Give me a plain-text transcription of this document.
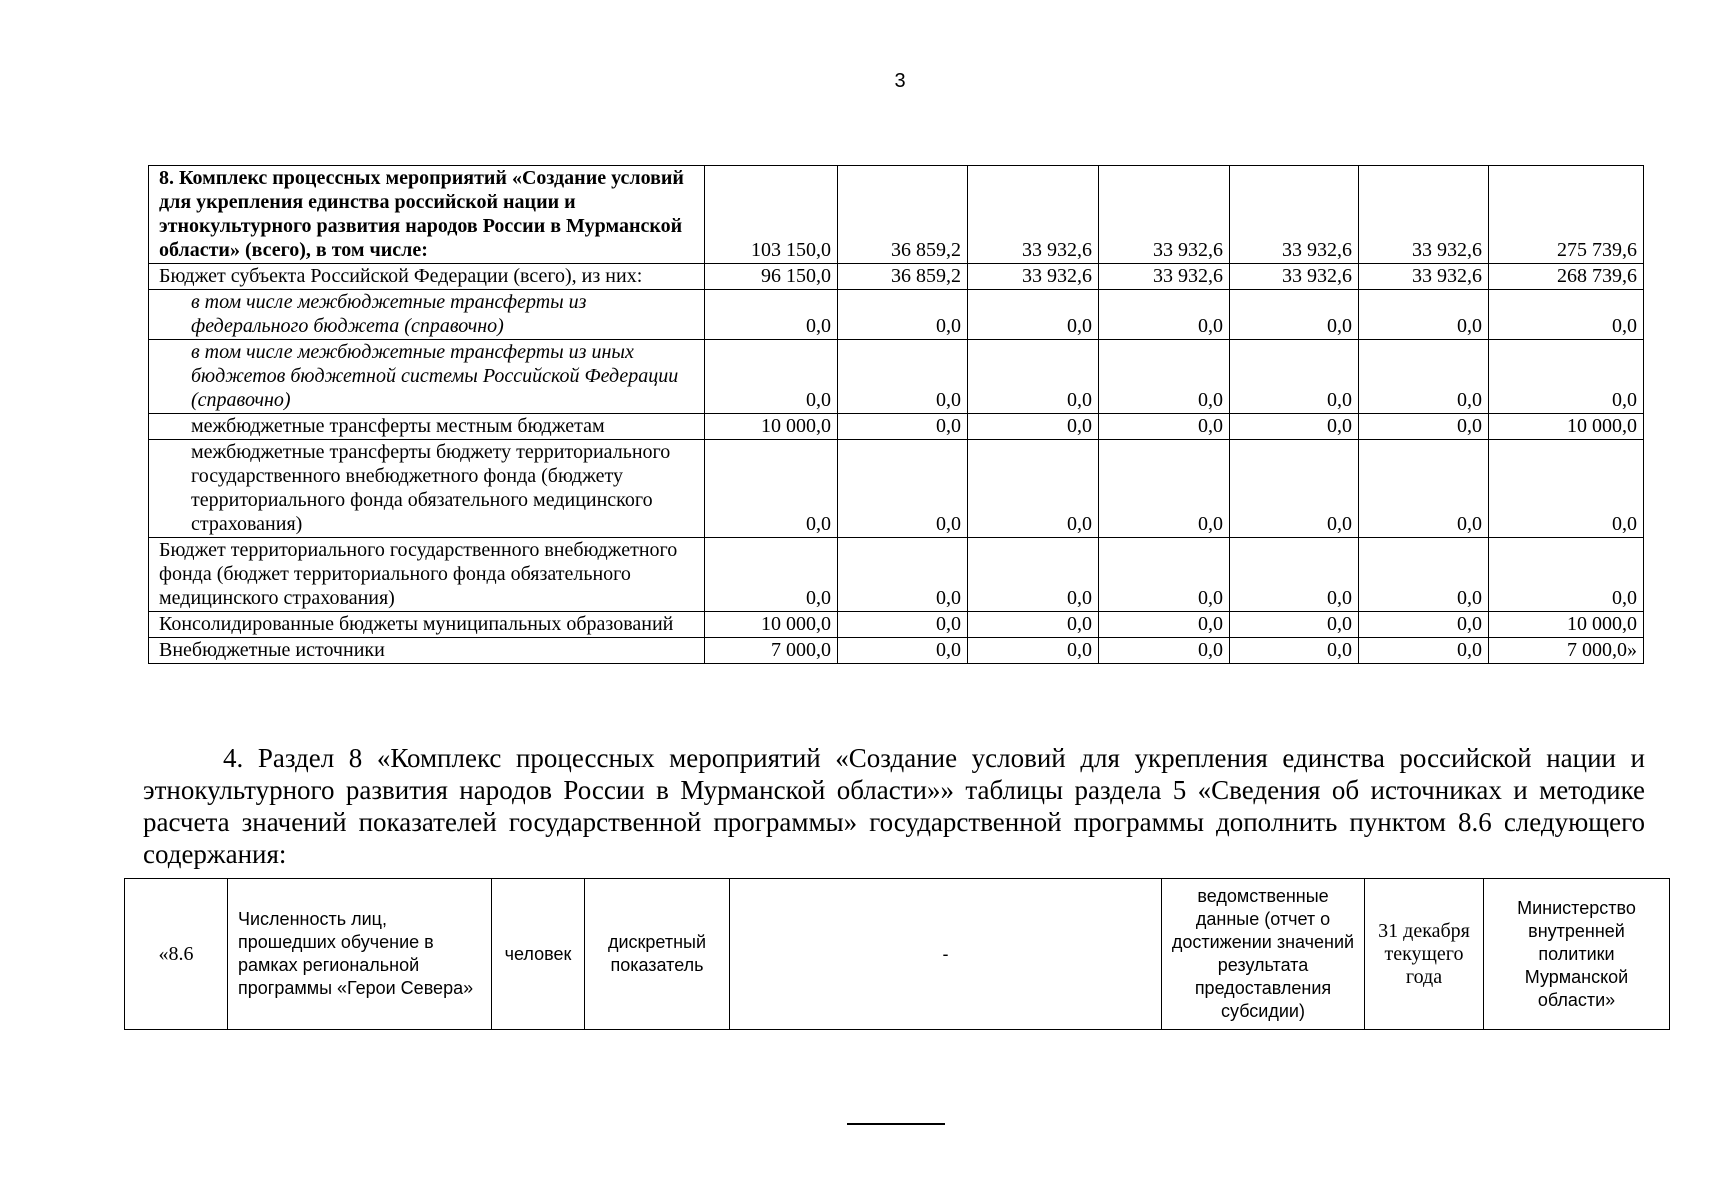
3
8. Комплекс процессных мероприятий «Создание условий для укрепления единства российской нации и этнокультурного развития народов России в Мурманской области» (всего), в том числе:	103 150,0	36 859,2	33 932,6	33 932,6	33 932,6	33 932,6	275 739,6
Бюджет субъекта Российской Федерации (всего), из них:	96 150,0	36 859,2	33 932,6	33 932,6	33 932,6	33 932,6	268 739,6
в том числе межбюджетные трансферты из федерального бюджета (справочно)	0,0	0,0	0,0	0,0	0,0	0,0	0,0
в том числе межбюджетные трансферты из иных бюджетов бюджетной системы Российской Федерации (справочно)	0,0	0,0	0,0	0,0	0,0	0,0	0,0
межбюджетные трансферты местным бюджетам	10 000,0	0,0	0,0	0,0	0,0	0,0	10 000,0
межбюджетные трансферты бюджету территориального государственного внебюджетного фонда (бюджету территориального фонда обязательного медицинского страхования)	0,0	0,0	0,0	0,0	0,0	0,0	0,0
Бюджет территориального государственного внебюджетного фонда (бюджет территориального фонда обязательного медицинского страхования)	0,0	0,0	0,0	0,0	0,0	0,0	0,0
Консолидированные бюджеты муниципальных образований	10 000,0	0,0	0,0	0,0	0,0	0,0	10 000,0
Внебюджетные источники	7 000,0	0,0	0,0	0,0	0,0	0,0	7 000,0»
4. Раздел 8 «Комплекс процессных мероприятий «Создание условий для укрепления единства российской нации и этнокультурного развития народов России в Мурманской области»» таблицы раздела 5 «Сведения об источниках и методике расчета значений показателей государственной программы» государственной программы дополнить пунктом 8.6 следующего содержания:
«8.6	Численность лиц, прошедших обучение в рамках региональной программы «Герои Севера»	человек	дискретный показатель	-	ведомственные данные (отчет о достижении значений результата предоставления субсидии)	31 декабря текущего года	Министерство внутренней политики Мурманской области»
